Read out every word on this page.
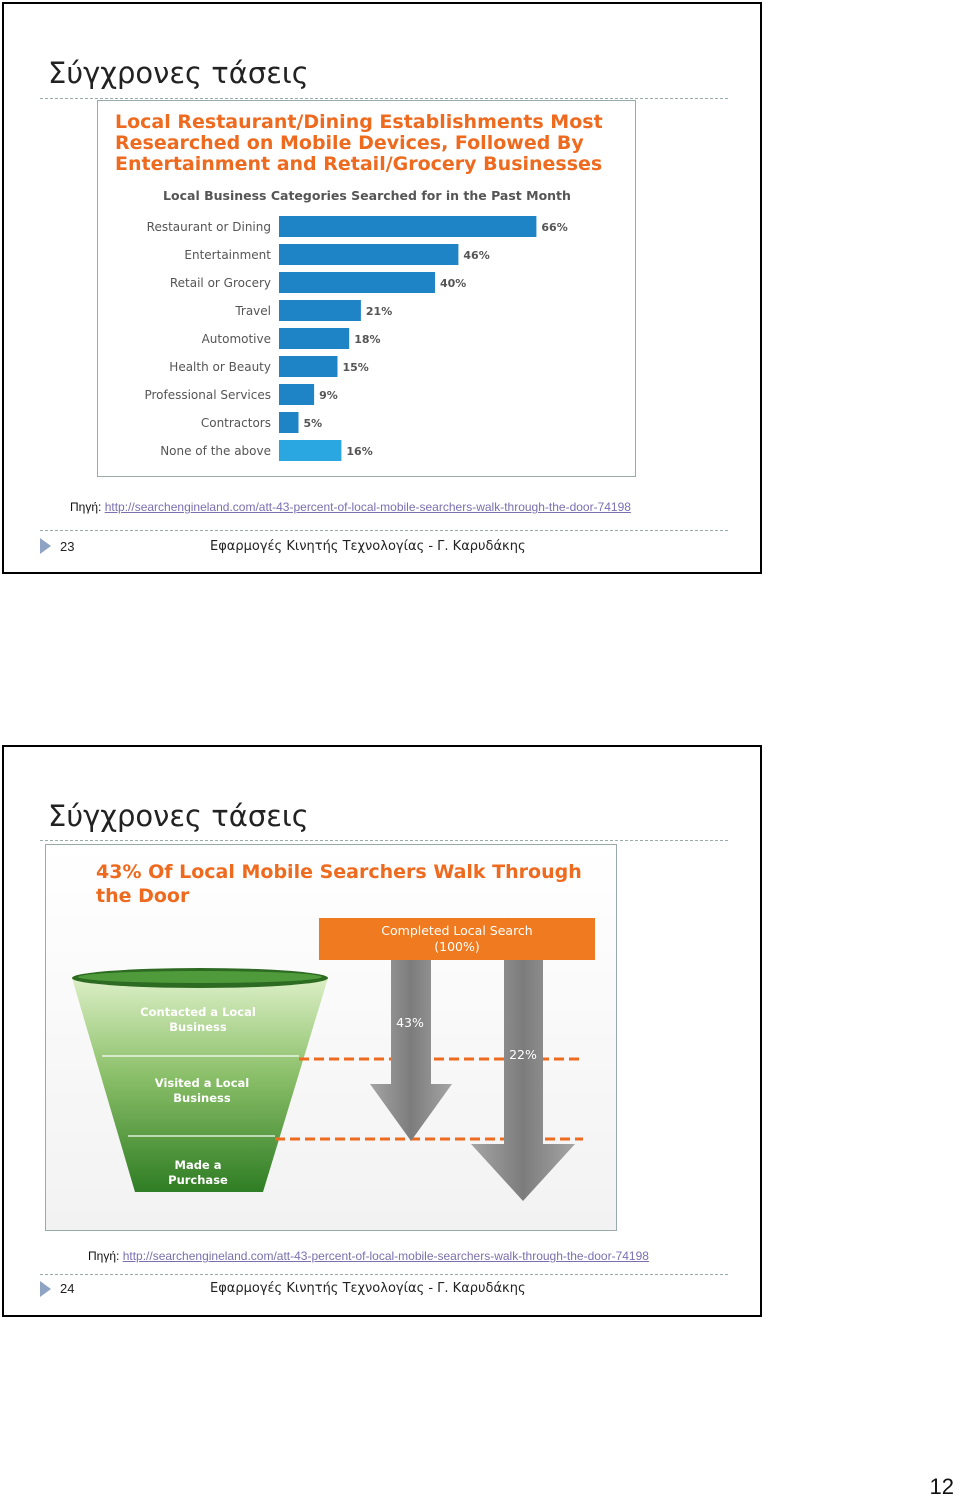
Σύγχρονες τάσεις
Local Restaurant/Dining Establishments Most
Researched on Mobile Devices, Followed By
Entertainment and Retail/Grocery Businesses
Local Business Categories Searched for in the Past Month
Restaurant or Dining	66%
Entertainment	46%
Retail or Grocery	40%
Travel	21%
Automotive	18%
Health or Beauty	15%
Professional Services	9%
Contractors	5%
None of the above	16%
Πηγή: http://searchengineland.com/att-43-percent-of-local-mobile-searchers-walk-through-the-door-74198
23	Εφαρμογές Κινητής Τεχνολογίας - Γ. Καρυδάκης
Σύγχρονες τάσεις
43% Of Local Mobile Searchers Walk Through
the Door
Completed Local Search
(100%)
Contacted a Local
Business
Visited a Local
Business
Made a
Purchase
43%
22%
Πηγή: http://searchengineland.com/att-43-percent-of-local-mobile-searchers-walk-through-the-door-74198
24	Εφαρμογές Κινητής Τεχνολογίας - Γ. Καρυδάκης
12
